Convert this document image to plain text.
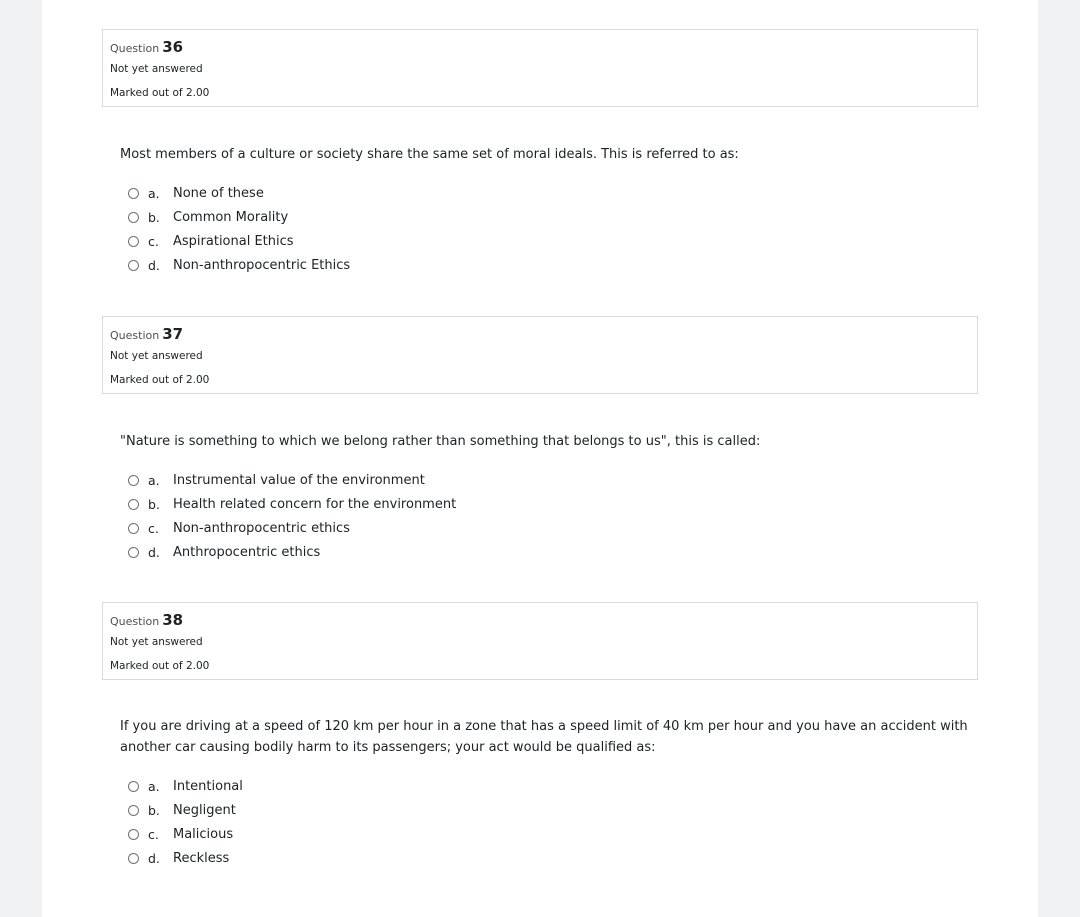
Question 36
Not yet answered
Marked out of 2.00
Most members of a culture or society share the same set of moral ideals. This is referred to as:
a. None of these
b. Common Morality
c. Aspirational Ethics
d. Non-anthropocentric Ethics
Question 37
Not yet answered
Marked out of 2.00
"Nature is something to which we belong rather than something that belongs to us", this is called:
a. Instrumental value of the environment
b. Health related concern for the environment
c. Non-anthropocentric ethics
d. Anthropocentric ethics
Question 38
Not yet answered
Marked out of 2.00
If you are driving at a speed of 120 km per hour in a zone that has a speed limit of 40 km per hour and you have an accident with another car causing bodily harm to its passengers; your act would be qualified as:
a. Intentional
b. Negligent
c. Malicious
d. Reckless
